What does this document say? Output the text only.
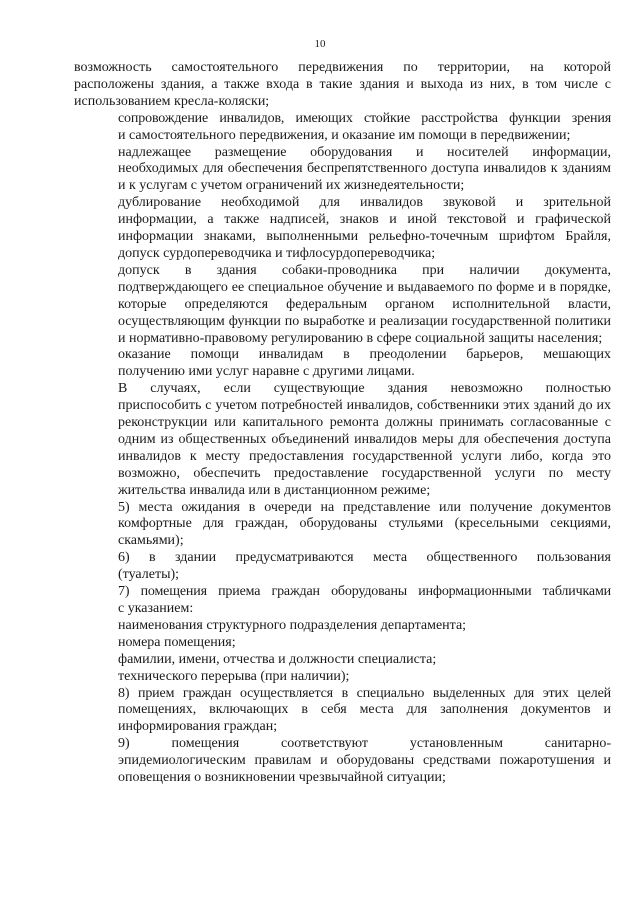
10

возможность самостоятельного передвижения по территории, на которой
расположены здания, а также входа в такие здания и выхода из них, в том числе с
использованием кресла-коляски;

сопровождение инвалидов, имеющих стойкие расстройства функции зрения
и самостоятельного передвижения, и оказание им помощи в передвижении;

надлежащее размещение оборудования и носителей информации,
необходимых для обеспечения беспрепятственного доступа инвалидов к зданиям
и к услугам с учетом ограничений их жизнедеятельности;

дублирование необходимой для инвалидов звуковой и зрительной
информации, а также надписей, знаков и иной текстовой и графической
информации знаками, выполненными рельефно-точечным шрифтом Брайля,
допуск сурдопереводчика и тифлосурдопереводчика;

допуск в здания собаки-проводника при наличии документа,
подтверждающего ее специальное обучение и выдаваемого по форме и в порядке,
которые определяются федеральным органом исполнительной власти,
осуществляющим функции по выработке и реализации государственной политики
и нормативно-правовому регулированию в сфере социальной защиты населения;

оказание помощи инвалидам в преодолении барьеров, мешающих
получению ими услуг наравне с другими лицами.

В случаях, если существующие здания невозможно полностью
приспособить с учетом потребностей инвалидов, собственники этих зданий до их
реконструкции или капитального ремонта должны принимать согласованные с
одним из общественных объединений инвалидов меры для обеспечения доступа
инвалидов к месту предоставления государственной услуги либо, когда это
возможно, обеспечить предоставление государственной услуги по месту
жительства инвалида или в дистанционном режиме;

5) места ожидания в очереди на представление или получение документов
комфортные для граждан, оборудованы стульями (кресельными секциями,
скамьями);

6) в здании предусматриваются места общественного пользования
(туалеты);

7) помещения приема граждан оборудованы информационными табличками
с указанием:

наименования структурного подразделения департамента;

номера помещения;

фамилии, имени, отчества и должности специалиста;

технического перерыва (при наличии);

8) прием граждан осуществляется в специально выделенных для этих целей
помещениях, включающих в себя места для заполнения документов и
информирования граждан;

9) помещения соответствуют установленным санитарно-
эпидемиологическим правилам и оборудованы средствами пожаротушения и
оповещения о возникновении чрезвычайной ситуации;
